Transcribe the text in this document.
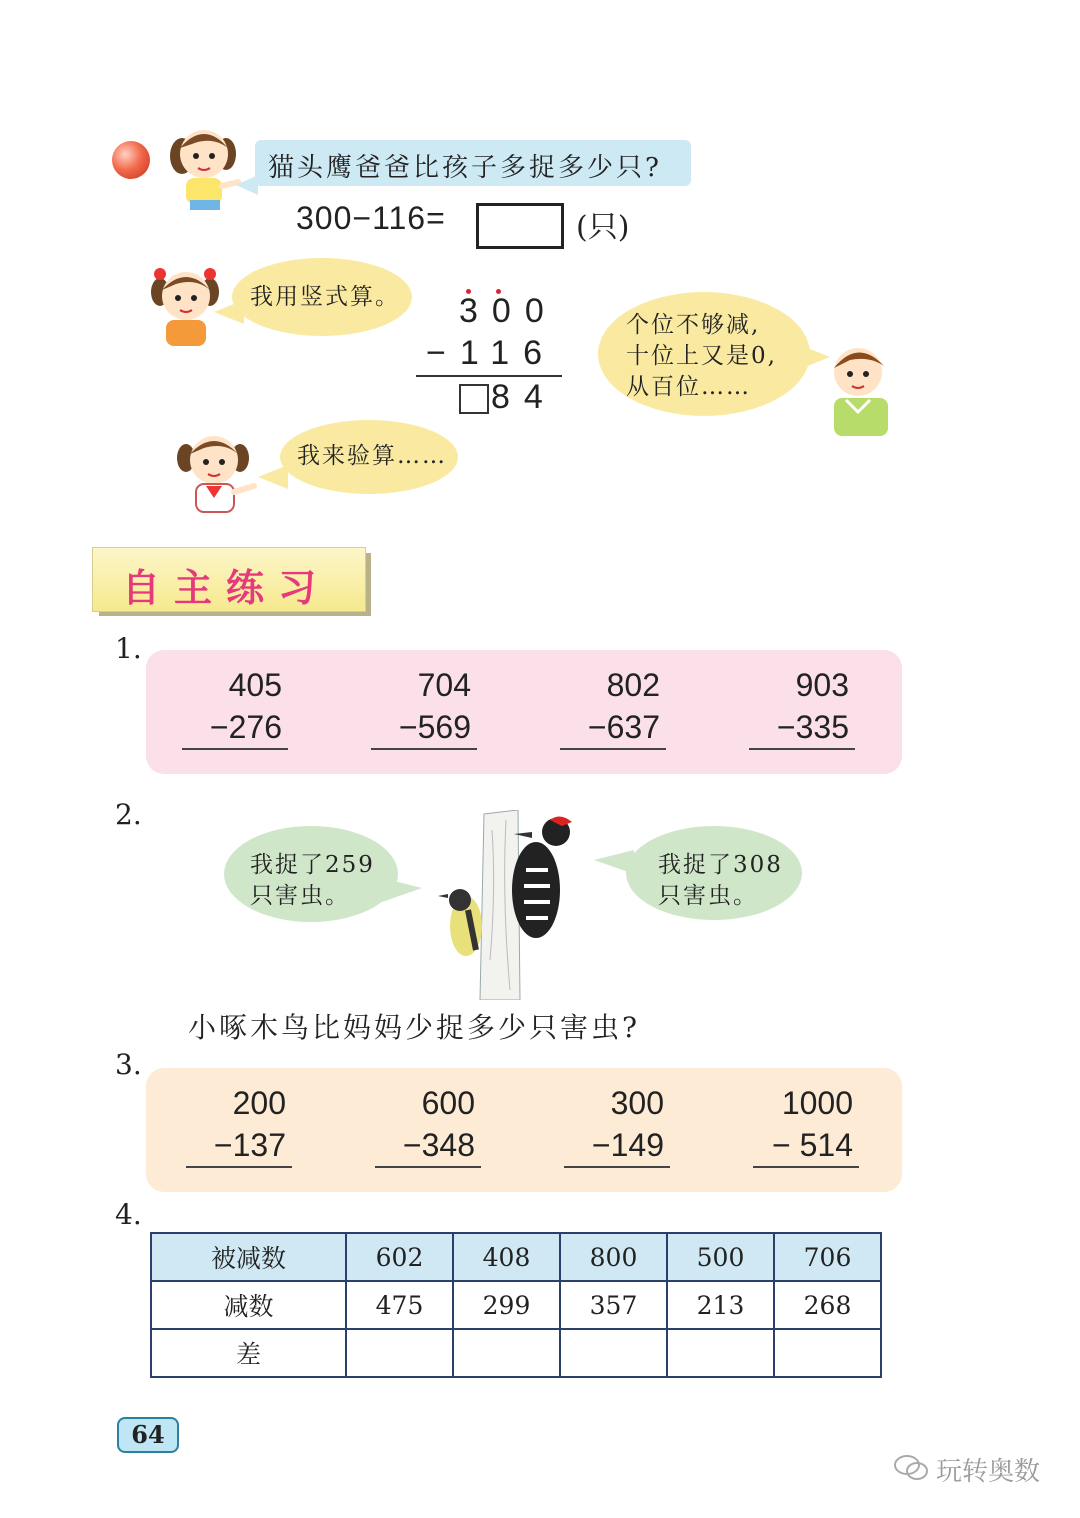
猫头鹰爸爸比孩子多捉多少只?
300−116=	(只)
我用竖式算。 300
−116
84
个位不够减,
十位上又是0,
从百位……
我来验算……
自主练习
1.
405
−276
704
−569
802
−637
903
−335
2.
我捉了259
只害虫。
我捉了308
只害虫。
小啄木鸟比妈妈少捉多少只害虫?
3.
200
−137
600
−348
300
−149
1000
− 514
4.
被减数	602	408	800	500	706
减数	475	299	357	213	268
差					
64
玩转奥数
